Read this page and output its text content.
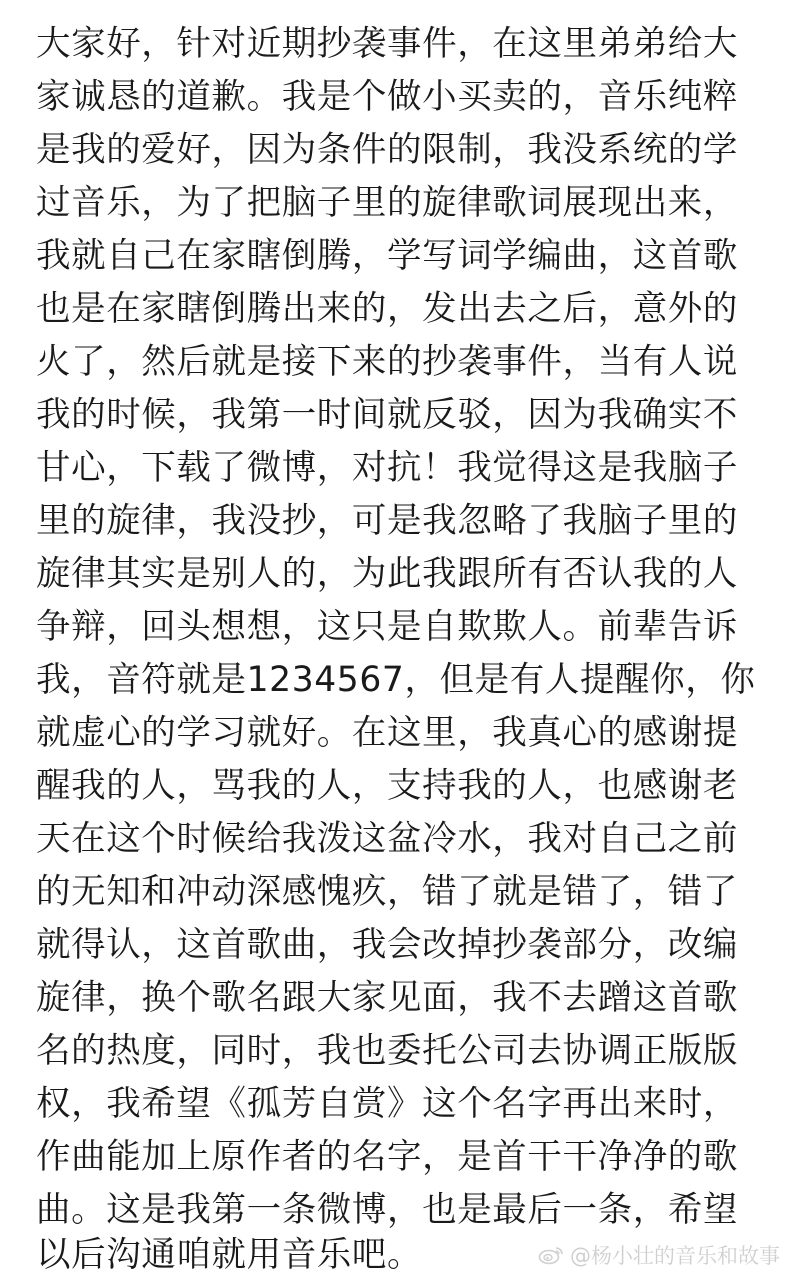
大家好，针对近期抄袭事件，在这里弟弟给大
家诚恳的道歉。我是个做小买卖的，音乐纯粹
是我的爱好，因为条件的限制，我没系统的学
过音乐，为了把脑子里的旋律歌词展现出来，
我就自己在家瞎倒腾，学写词学编曲，这首歌
也是在家瞎倒腾出来的，发出去之后，意外的
火了，然后就是接下来的抄袭事件，当有人说
我的时候，我第一时间就反驳，因为我确实不
甘心，下载了微博，对抗！我觉得这是我脑子
里的旋律，我没抄，可是我忽略了我脑子里的
旋律其实是别人的，为此我跟所有否认我的人
争辩，回头想想，这只是自欺欺人。前辈告诉
我，音符就是1234567，但是有人提醒你，你
就虚心的学习就好。在这里，我真心的感谢提
醒我的人，骂我的人，支持我的人，也感谢老
天在这个时候给我泼这盆冷水，我对自己之前
的无知和冲动深感愧疚，错了就是错了，错了
就得认，这首歌曲，我会改掉抄袭部分，改编
旋律，换个歌名跟大家见面，我不去蹭这首歌
名的热度，同时，我也委托公司去协调正版版
权，我希望《孤芳自赏》这个名字再出来时，
作曲能加上原作者的名字，是首干干净净的歌
曲。这是我第一条微博，也是最后一条，希望
以后沟通咱就用音乐吧。	@杨小壮的音乐和故事
